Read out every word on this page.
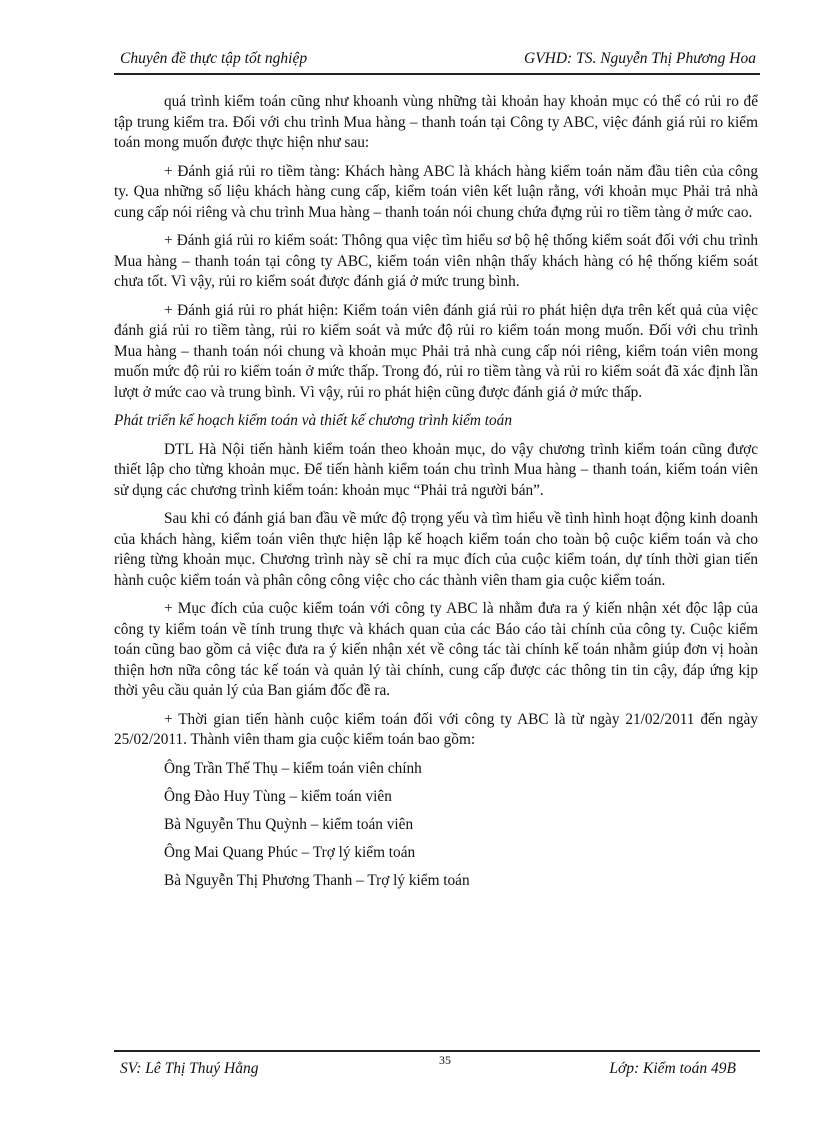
Chuyên đề thực tập tốt nghiệp	GVHD: TS. Nguyễn Thị Phương Hoa

quá trình kiểm toán cũng như khoanh vùng những tài khoản hay khoản mục có thể có rủi ro để tập trung kiểm tra. Đối với chu trình Mua hàng – thanh toán tại Công ty ABC, việc đánh giá rủi ro kiểm toán mong muốn được thực hiện như sau:

+ Đánh giá rủi ro tiềm tàng: Khách hàng ABC là khách hàng kiểm toán năm đầu tiên của công ty. Qua những số liệu khách hàng cung cấp, kiểm toán viên kết luận rằng, với khoản mục Phải trả nhà cung cấp nói riêng và chu trình Mua hàng – thanh toán nói chung chứa đựng rủi ro tiềm tàng ở mức cao.

+ Đánh giá rủi ro kiểm soát: Thông qua việc tìm hiểu sơ bộ hệ thống kiểm soát đối với chu trình Mua hàng – thanh toán tại công ty ABC, kiểm toán viên nhận thấy khách hàng có hệ thống kiểm soát chưa tốt. Vì vậy, rủi ro kiểm soát được đánh giá ở mức trung bình.

+ Đánh giá rủi ro phát hiện: Kiểm toán viên đánh giá rủi ro phát hiện dựa trên kết quả của việc đánh giá rủi ro tiềm tàng, rủi ro kiểm soát và mức độ rủi ro kiểm toán mong muốn. Đối với chu trình Mua hàng – thanh toán nói chung và khoản mục Phải trả nhà cung cấp nói riêng, kiểm toán viên mong muốn mức độ rủi ro kiểm toán ở mức thấp. Trong đó, rủi ro tiềm tàng và rủi ro kiểm soát đã xác định lần lượt ở mức cao và trung bình. Vì vậy, rủi ro phát hiện cũng được đánh giá ở mức thấp.

Phát triển kế hoạch kiểm toán và thiết kế chương trình kiểm toán

DTL Hà Nội tiến hành kiểm toán theo khoản mục, do vậy chương trình kiểm toán cũng được thiết lập cho từng khoản mục. Để tiến hành kiểm toán chu trình Mua hàng – thanh toán, kiểm toán viên sử dụng các chương trình kiểm toán: khoản mục “Phải trả người bán”.

Sau khi có đánh giá ban đầu về mức độ trọng yếu và tìm hiểu về tình hình hoạt động kinh doanh của khách hàng, kiểm toán viên thực hiện lập kế hoạch kiểm toán cho toàn bộ cuộc kiểm toán và cho riêng từng khoản mục. Chương trình này sẽ chỉ ra mục đích của cuộc kiểm toán, dự tính thời gian tiến hành cuộc kiểm toán và phân công công việc cho các thành viên tham gia cuộc kiểm toán.

+ Mục đích của cuộc kiểm toán với công ty ABC là nhằm đưa ra ý kiến nhận xét độc lập của công ty kiểm toán về tính trung thực và khách quan của các Báo cáo tài chính của công ty. Cuộc kiểm toán cũng bao gồm cả việc đưa ra ý kiến nhận xét về công tác tài chính kế toán nhằm giúp đơn vị hoàn thiện hơn nữa công tác kế toán và quản lý tài chính, cung cấp được các thông tin tin cậy, đáp ứng kịp thời yêu cầu quản lý của Ban giám đốc đề ra.

+ Thời gian tiến hành cuộc kiểm toán đối với công ty ABC là từ ngày 21/02/2011 đến ngày 25/02/2011. Thành viên tham gia cuộc kiểm toán bao gồm:

Ông Trần Thế Thụ – kiểm toán viên chính

Ông Đào Huy Tùng – kiểm toán viên

Bà Nguyễn Thu Quỳnh – kiểm toán viên

Ông Mai Quang Phúc – Trợ lý kiểm toán

Bà Nguyễn Thị Phương Thanh – Trợ lý kiểm toán

SV: Lê Thị Thuý Hằng	35	Lớp: Kiểm toán 49B
